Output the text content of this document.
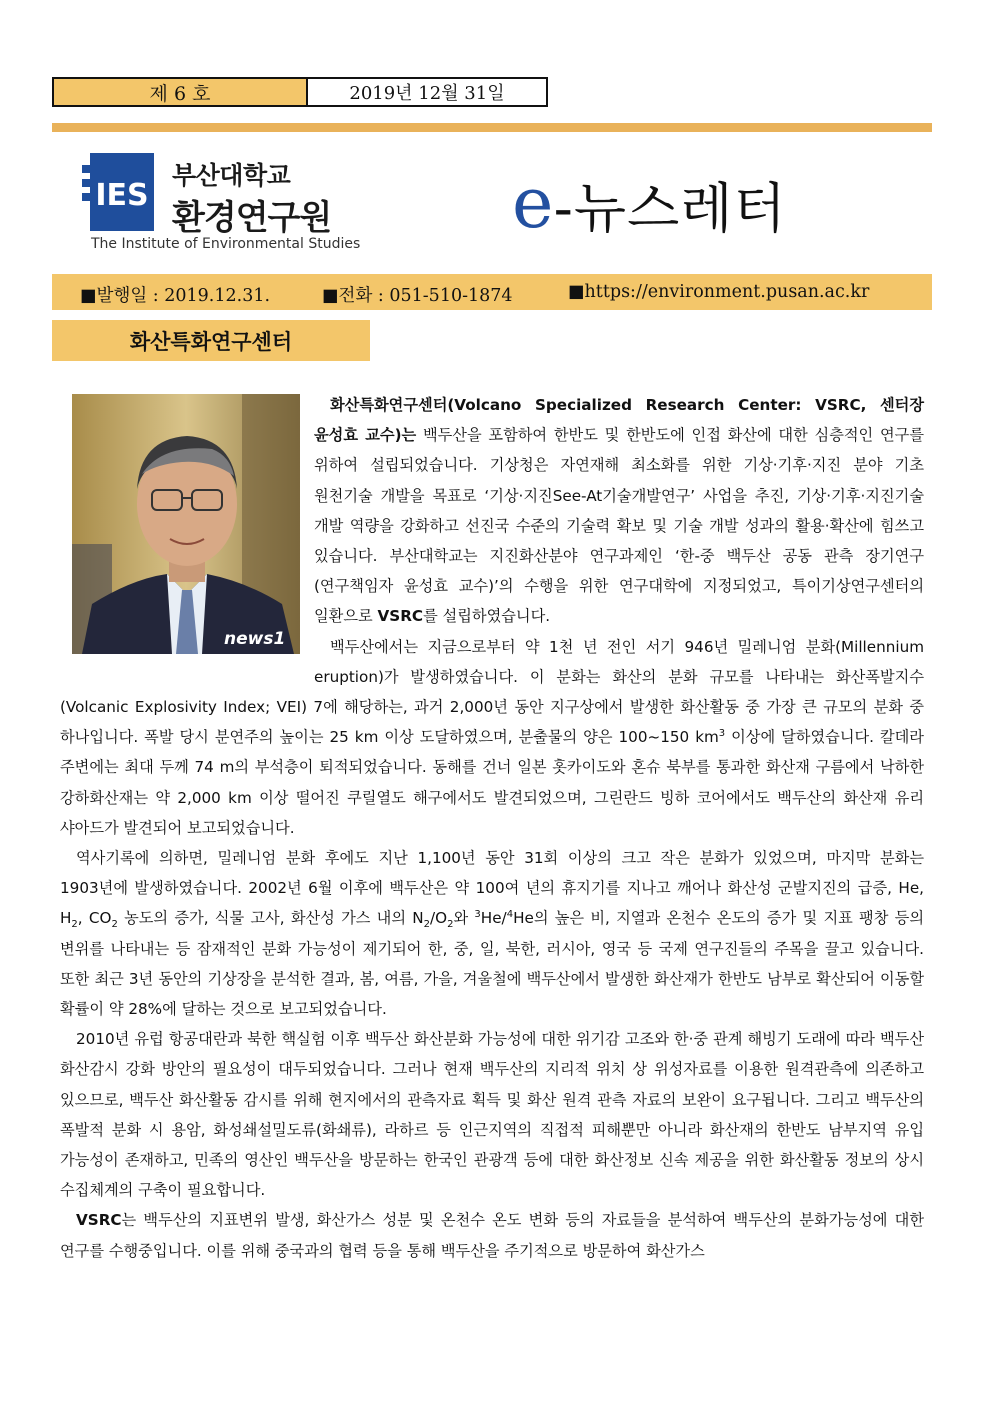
제 6 호	2019년 12월 31일
IES
부산대학교
환경연구원
The Institute of Environmental Studies e-뉴스레터
■발행일 : 2019.12.31.	■전화 : 051-510-1874	■https://environment.pusan.ac.kr
화산특화연구센터
news1

화산특화연구센터(Volcano Specialized Research Center: VSRC, 센터장 윤성효 교수)는 백두산을 포함하여 한반도 및 한반도에 인접 화산에 대한 심층적인 연구를 위하여 설립되었습니다. 기상청은 자연재해 최소화를 위한 기상·기후·지진 분야 기초 원천기술 개발을 목표로 ‘기상·지진See-At기술개발연구’ 사업을 추진, 기상·기후·지진기술 개발 역량을 강화하고 선진국 수준의 기술력 확보 및 기술 개발 성과의 활용·확산에 힘쓰고 있습니다. 부산대학교는 지진화산분야 연구과제인 ‘한-중 백두산 공동 관측 장기연구(연구책임자 윤성효 교수)’의 수행을 위한 연구대학에 지정되었고, 특이기상연구센터의 일환으로 VSRC를 설립하였습니다.

백두산에서는 지금으로부터 약 1천 년 전인 서기 946년 밀레니엄 분화(Millennium eruption)가 발생하였습니다. 이 분화는 화산의 분화 규모를 나타내는 화산폭발지수(Volcanic Explosivity Index; VEI) 7에 해당하는, 과거 2,000년 동안 지구상에서 발생한 화산활동 중 가장 큰 규모의 분화 중 하나입니다. 폭발 당시 분연주의 높이는 25 km 이상 도달하였으며, 분출물의 양은 100~150 $km^3$ 이상에 달하였습니다. 칼데라 주변에는 최대 두께 74 m의 부석층이 퇴적되었습니다. 동해를 건너 일본 홋카이도와 혼슈 북부를 통과한 화산재 구름에서 낙하한 강하화산재는 약 2,000 km 이상 떨어진 쿠릴열도 해구에서도 발견되었으며, 그린란드 빙하 코어에서도 백두산의 화산재 유리 샤아드가 발견되어 보고되었습니다.

역사기록에 의하면, 밀레니엄 분화 후에도 지난 1,100년 동안 31회 이상의 크고 작은 분화가 있었으며, 마지막 분화는 1903년에 발생하였습니다. 2002년 6월 이후에 백두산은 약 100여 년의 휴지기를 지나고 깨어나 화산성 군발지진의 급증, He, $H_2$, $CO_2$ 농도의 증가, 식물 고사, 화산성 가스 내의 $N_2/O_2$와 $^3$He/$^4$He의 높은 비, 지열과 온천수 온도의 증가 및 지표 팽창 등의 변위를 나타내는 등 잠재적인 분화 가능성이 제기되어 한, 중, 일, 북한, 러시아, 영국 등 국제 연구진들의 주목을 끌고 있습니다. 또한 최근 3년 동안의 기상장을 분석한 결과, 봄, 여름, 가을, 겨울철에 백두산에서 발생한 화산재가 한반도 남부로 확산되어 이동할 확률이 약 28%에 달하는 것으로 보고되었습니다.

2010년 유럽 항공대란과 북한 핵실험 이후 백두산 화산분화 가능성에 대한 위기감 고조와 한·중 관계 해빙기 도래에 따라 백두산 화산감시 강화 방안의 필요성이 대두되었습니다. 그러나 현재 백두산의 지리적 위치 상 위성자료를 이용한 원격관측에 의존하고 있으므로, 백두산 화산활동 감시를 위해 현지에서의 관측자료 획득 및 화산 원격 관측 자료의 보완이 요구됩니다. 그리고 백두산의 폭발적 분화 시 용암, 화성쇄설밀도류(화쇄류), 라하르 등 인근지역의 직접적 피해뿐만 아니라 화산재의 한반도 남부지역 유입 가능성이 존재하고, 민족의 영산인 백두산을 방문하는 한국인 관광객 등에 대한 화산정보 신속 제공을 위한 화산활동 정보의 상시 수집체계의 구축이 필요합니다.

VSRC는 백두산의 지표변위 발생, 화산가스 성분 및 온천수 온도 변화 등의 자료들을 분석하여 백두산의 분화가능성에 대한 연구를 수행중입니다. 이를 위해 중국과의 협력 등을 통해 백두산을 주기적으로 방문하여 화산가스
